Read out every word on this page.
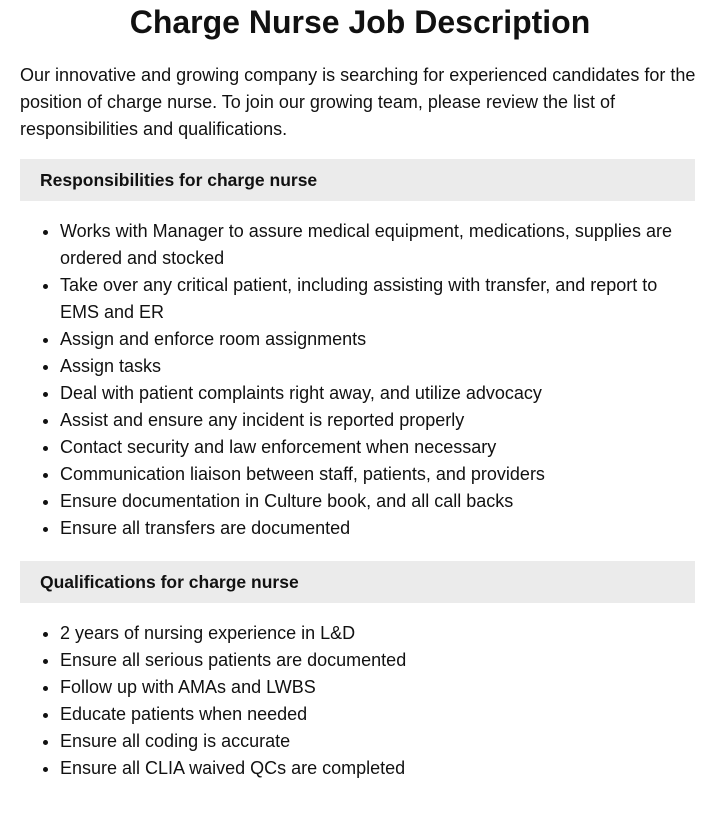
Charge Nurse Job Description

Our innovative and growing company is searching for experienced candidates for the position of charge nurse. To join our growing team, please review the list of responsibilities and qualifications.

Responsibilities for charge nurse
• Works with Manager to assure medical equipment, medications, supplies are ordered and stocked
• Take over any critical patient, including assisting with transfer, and report to EMS and ER
• Assign and enforce room assignments
• Assign tasks
• Deal with patient complaints right away, and utilize advocacy
• Assist and ensure any incident is reported properly
• Contact security and law enforcement when necessary
• Communication liaison between staff, patients, and providers
• Ensure documentation in Culture book, and all call backs
• Ensure all transfers are documented
Qualifications for charge nurse
• 2 years of nursing experience in L&D
• Ensure all serious patients are documented
• Follow up with AMAs and LWBS
• Educate patients when needed
• Ensure all coding is accurate
• Ensure all CLIA waived QCs are completed
